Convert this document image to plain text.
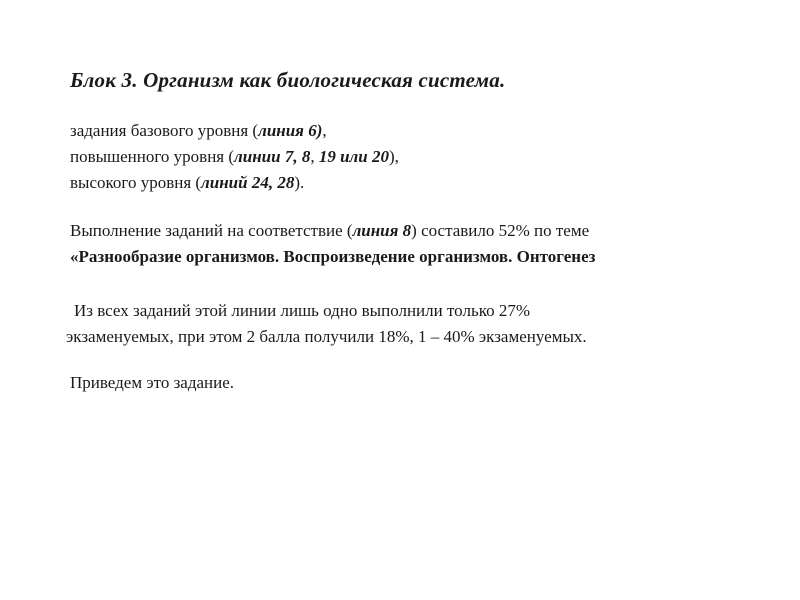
Блок 3. Организм как биологическая система.
задания базового уровня (линия 6),
повышенного уровня (линии 7, 8, 19 или 20),
высокого уровня (линий 24, 28).
Выполнение заданий на соответствие (линия 8) составило 52% по теме
«Разнообразие организмов. Воспроизведение организмов. Онтогенез
Из всех заданий этой линии лишь одно выполнили только 27%
экзаменуемых, при этом 2 балла получили 18%, 1 – 40% экзаменуемых.
Приведем это задание.
